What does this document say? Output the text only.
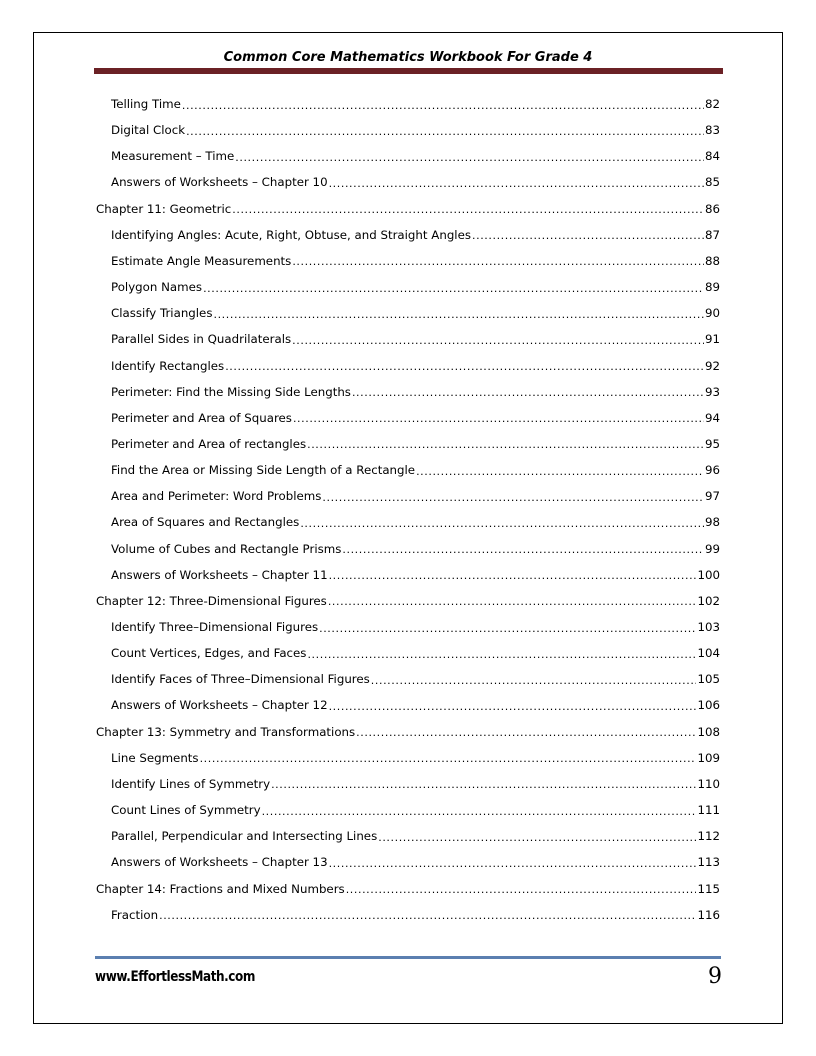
Common Core Mathematics Workbook For Grade 4
Telling Time .....	82
Digital Clock .....	83
Measurement – Time .....	84
Answers of Worksheets – Chapter 10 .....	85
Chapter 11: Geometric .....	86
Identifying Angles: Acute, Right, Obtuse, and Straight Angles .....	87
Estimate Angle Measurements .....	88
Polygon Names .....	89
Classify Triangles .....	90
Parallel Sides in Quadrilaterals .....	91
Identify Rectangles .....	92
Perimeter: Find the Missing Side Lengths .....	93
Perimeter and Area of Squares .....	94
Perimeter and Area of rectangles .....	95
Find the Area or Missing Side Length of a Rectangle .....	96
Area and Perimeter: Word Problems .....	97
Area of Squares and Rectangles .....	98
Volume of Cubes and Rectangle Prisms .....	99
Answers of Worksheets – Chapter 11 .....	100
Chapter 12: Three-Dimensional Figures .....	102
Identify Three–Dimensional Figures .....	103
Count Vertices, Edges, and Faces .....	104
Identify Faces of Three–Dimensional Figures .....	105
Answers of Worksheets – Chapter 12 .....	106
Chapter 13: Symmetry and Transformations .....	108
Line Segments .....	109
Identify Lines of Symmetry .....	110
Count Lines of Symmetry .....	111
Parallel, Perpendicular and Intersecting Lines .....	112
Answers of Worksheets – Chapter 13 .....	113
Chapter 14: Fractions and Mixed Numbers .....	115
Fraction .....	116
www.EffortlessMath.com	9
